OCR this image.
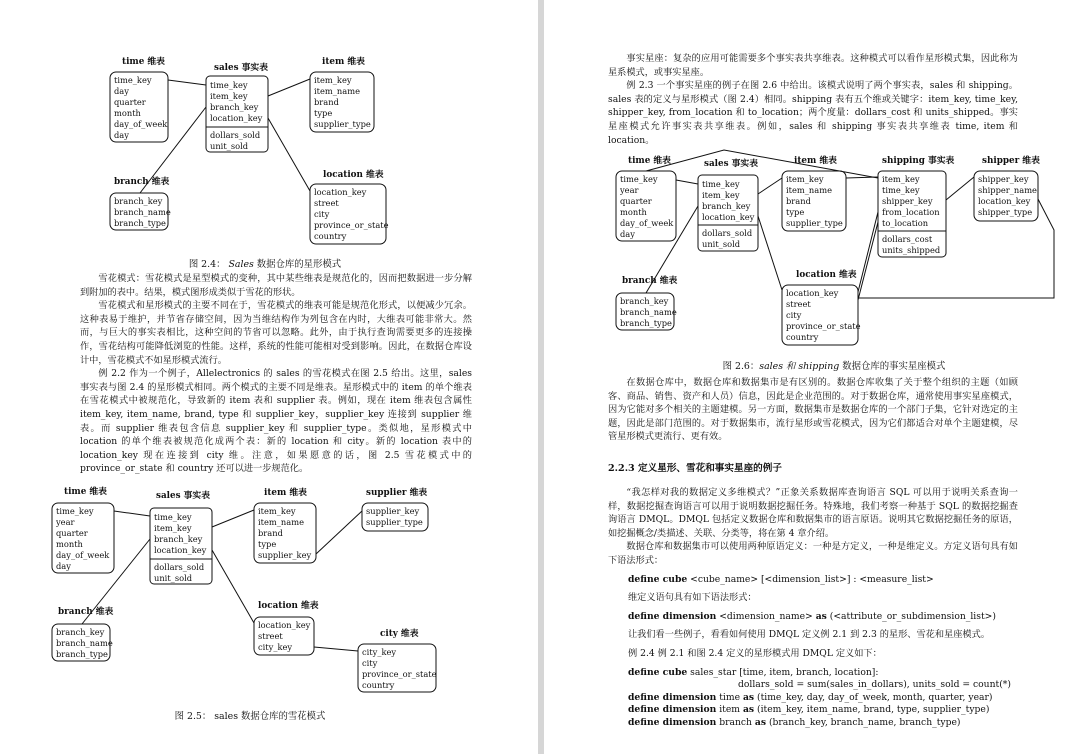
time 维表
time_key
day
quarter
month
day_of_week
day
sales 事实表
time_key
item_key
branch_key
location_key
dollars_sold
unit_sold
item 维表
item_key
item_name
brand
type
supplier_type
branch 维表
branch_key
branch_name
branch_type
location 维表
location_key
street
city
province_or_state
country
图 2.4： Sales 数据仓库的星形模式

雪花模式：雪花模式是星型模式的变种，其中某些维表是规范化的，因而把数据进一步分解到附加的表中。结果，模式图形成类似于雪花的形状。

雪花模式和星形模式的主要不同在于，雪花模式的维表可能是规范化形式，以便减少冗余。这种表易于维护，并节省存储空间，因为当维结构作为列包含在内时，大维表可能非常大。然而，与巨大的事实表相比，这种空间的节省可以忽略。此外，由于执行查询需要更多的连接操作，雪花结构可能降低浏览的性能。这样，系统的性能可能相对受到影响。因此，在数据仓库设计中，雪花模式不如星形模式流行。

例 2.2 作为一个例子，Allelectronics 的 sales 的雪花模式在图 2.5 给出。这里，sales 事实表与图 2.4 的星形模式相同。两个模式的主要不同是维表。星形模式中的 item 的单个维表在雪花模式中被规范化，导致新的 item 表和 supplier 表。例如，现在 item 维表包含属性 item_key, item_name, brand, type 和 supplier_key，supplier_key 连接到 supplier 维表。而 supplier 维表包含信息 supplier_key 和 supplier_type。类似地，星形模式中 location 的单个维表被规范化成两个表：新的 location 和 city。新的 location 表中的 location_key 现在连接到 city 维。注意，如果愿意的话，图 2.5 雪花模式中的 province_or_state 和 country 还可以进一步规范化。

time 维表
time_key
year
quarter
month
day_of_week
day
sales 事实表
time_key
item_key
branch_key
location_key
dollars_sold
unit_sold
item 维表
item_key
item_name
brand
type
supplier_key
supplier 维表
supplier_key
supplier_type
branch 维表
branch_key
branch_name
branch_type
location 维表
location_key
street
city_key
city 维表
city_key
city
province_or_state
country
图 2.5： sales 数据仓库的雪花模式

事实星座：复杂的应用可能需要多个事实表共享维表。这种模式可以看作星形模式集，因此称为星系模式，或事实星座。

例 2.3 一个事实星座的例子在图 2.6 中给出。该模式说明了两个事实表，sales 和 shipping。sales 表的定义与星形模式（图 2.4）相同。shipping 表有五个维或关键字：item_key, time_key, shipper_key, from_location 和 to_location；两个度量：dollars_cost 和 units_shipped。事实星座模式允许事实表共享维表。例如，sales 和 shipping 事实表共享维表 time, item 和 location。

time 维表
time_key
year
quarter
month
day_of_week
day
sales 事实表
time_key
item_key
branch_key
location_key
dollars_sold
unit_sold
item 维表
item_key
item_name
brand
type
supplier_type
shipping 事实表
item_key
time_key
shipper_key
from_location
to_location
dollars_cost
units_shipped
shipper 维表
shipper_key
shipper_name
location_key
shipper_type
branch 维表
branch_key
branch_name
branch_type
location 维表
location_key
street
city
province_or_state
country
图 2.6：sales 和 shipping 数据仓库的事实星座模式

在数据仓库中，数据仓库和数据集市是有区别的。数据仓库收集了关于整个组织的主题（如顾客、商品、销售、资产和人员）信息，因此是企业范围的。对于数据仓库，通常使用事实星座模式，因为它能对多个相关的主题建模。另一方面，数据集市是数据仓库的一个部门子集，它针对选定的主题，因此是部门范围的。对于数据集市，流行星形或雪花模式，因为它们都适合对单个主题建模，尽管星形模式更流行、更有效。

2.2.3 定义星形、雪花和事实星座的例子

“我怎样对我的数据定义多维模式？”正象关系数据库查询语言 SQL 可以用于说明关系查询一样，数据挖掘查询语言可以用于说明数据挖掘任务。特殊地，我们考察一种基于 SQL 的数据挖掘查询语言 DMQL。DMQL 包括定义数据仓库和数据集市的语言原语。说明其它数据挖掘任务的原语，如挖掘概念/类描述、关联、分类等，将在第 4 章介绍。

数据仓库和数据集市可以使用两种原语定义：一种是方定义，一种是维定义。方定义语句具有如下语法形式：

define cube <cube_name> [<dimension_list>] : <measure_list>
维定义语句具有如下语法形式：
define dimension <dimension_name> as (<attribute_or_subdimension_list>)
让我们看一些例子，看看如何使用 DMQL 定义例 2.1 到 2.3 的星形、雪花和星座模式。
例 2.4 例 2.1 和图 2.4 定义的星形模式用 DMQL 定义如下：
define cube sales_star [time, item, branch, location]:
dollars_sold = sum(sales_in_dollars), units_sold = count(*)
define dimension time as (time_key, day, day_of_week, month, quarter, year)
define dimension item as (item_key, item_name, brand, type, supplier_type)
define dimension branch as (branch_key, branch_name, branch_type)
